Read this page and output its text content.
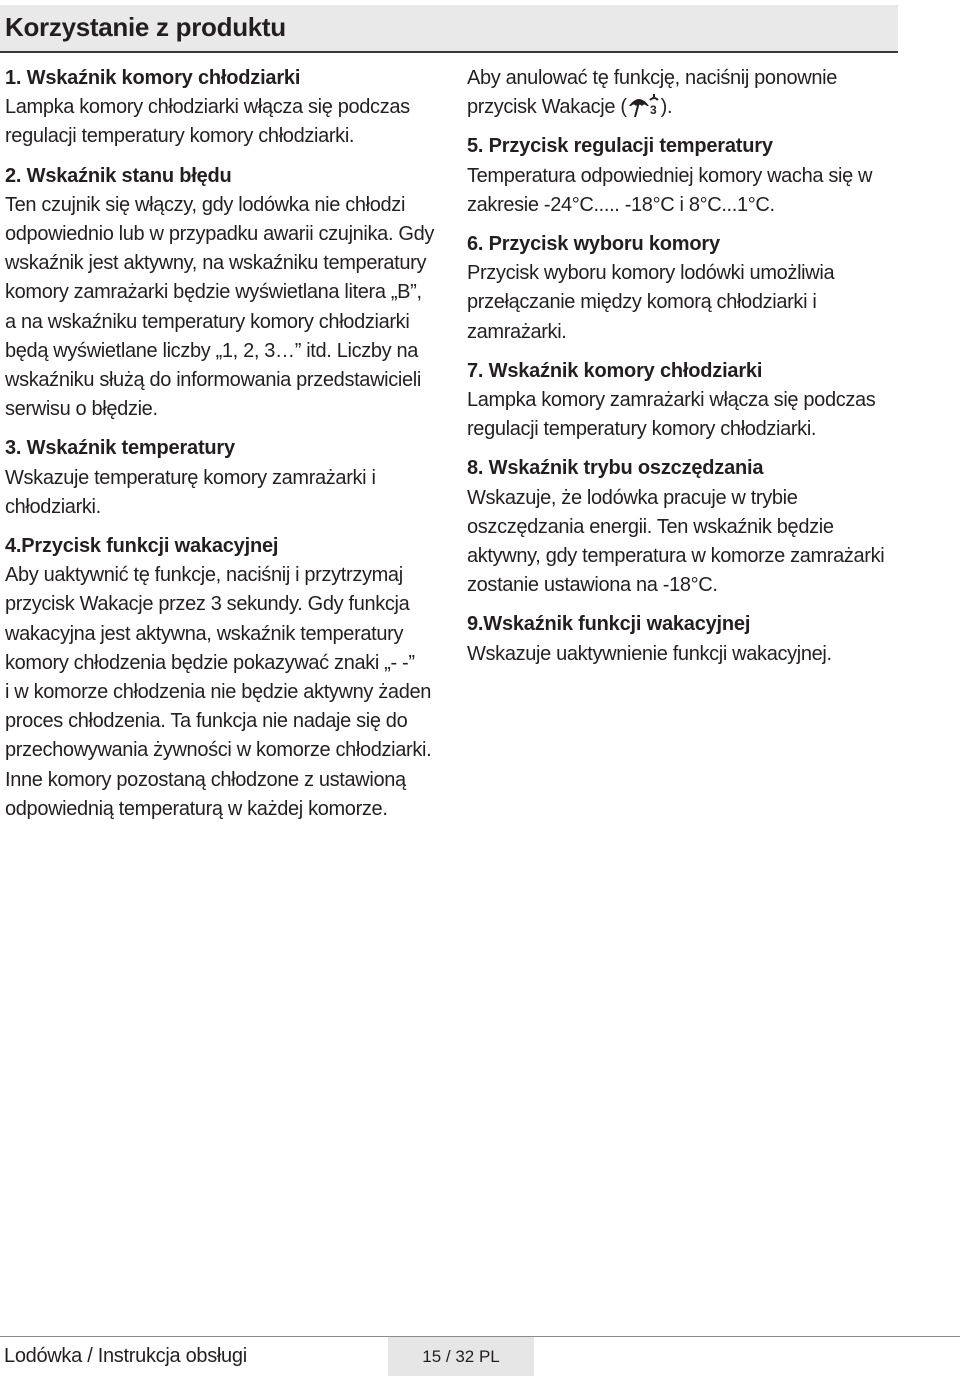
Korzystanie z produktu
1. Wskaźnik komory chłodziarki
Lampka komory chłodziarki włącza się podczas
regulacji temperatury komory chłodziarki.
2. Wskaźnik stanu błędu
Ten czujnik się włączy, gdy lodówka nie chłodzi
odpowiednio lub w przypadku awarii czujnika. Gdy
wskaźnik jest aktywny, na wskaźniku temperatury
komory zamrażarki będzie wyświetlana litera „B”,
a na wskaźniku temperatury komory chłodziarki
będą wyświetlane liczby „1, 2, 3…” itd. Liczby na
wskaźniku służą do informowania przedstawicieli
serwisu o błędzie.
3. Wskaźnik temperatury
Wskazuje temperaturę komory zamrażarki i
chłodziarki.
4.Przycisk funkcji wakacyjnej
Aby uaktywnić tę funkcje, naciśnij i przytrzymaj
przycisk Wakacje przez 3 sekundy. Gdy funkcja
wakacyjna jest aktywna, wskaźnik temperatury
komory chłodzenia będzie pokazywać znaki „- -”
i w komorze chłodzenia nie będzie aktywny żaden
proces chłodzenia. Ta funkcja nie nadaje się do
przechowywania żywności w komorze chłodziarki.
Inne komory pozostaną chłodzone z ustawioną
odpowiednią temperaturą w każdej komorze.
Aby anulować tę funkcję, naciśnij ponownie
przycisk Wakacje ( 3 ).
5. Przycisk regulacji temperatury
Temperatura odpowiedniej komory wacha się w
zakresie -24°C..... -18°C i 8°C...1°C.
6. Przycisk wyboru komory
Przycisk wyboru komory lodówki umożliwia
przełączanie między komorą chłodziarki i
zamrażarki.
7. Wskaźnik komory chłodziarki
Lampka komory zamrażarki włącza się podczas
regulacji temperatury komory chłodziarki.
8. Wskaźnik trybu oszczędzania
Wskazuje, że lodówka pracuje w trybie
oszczędzania energii. Ten wskaźnik będzie
aktywny, gdy temperatura w komorze zamrażarki
zostanie ustawiona na -18°C.
9.Wskaźnik funkcji wakacyjnej
Wskazuje uaktywnienie funkcji wakacyjnej.
Lodówka / Instrukcja obsługi	15 / 32 PL
